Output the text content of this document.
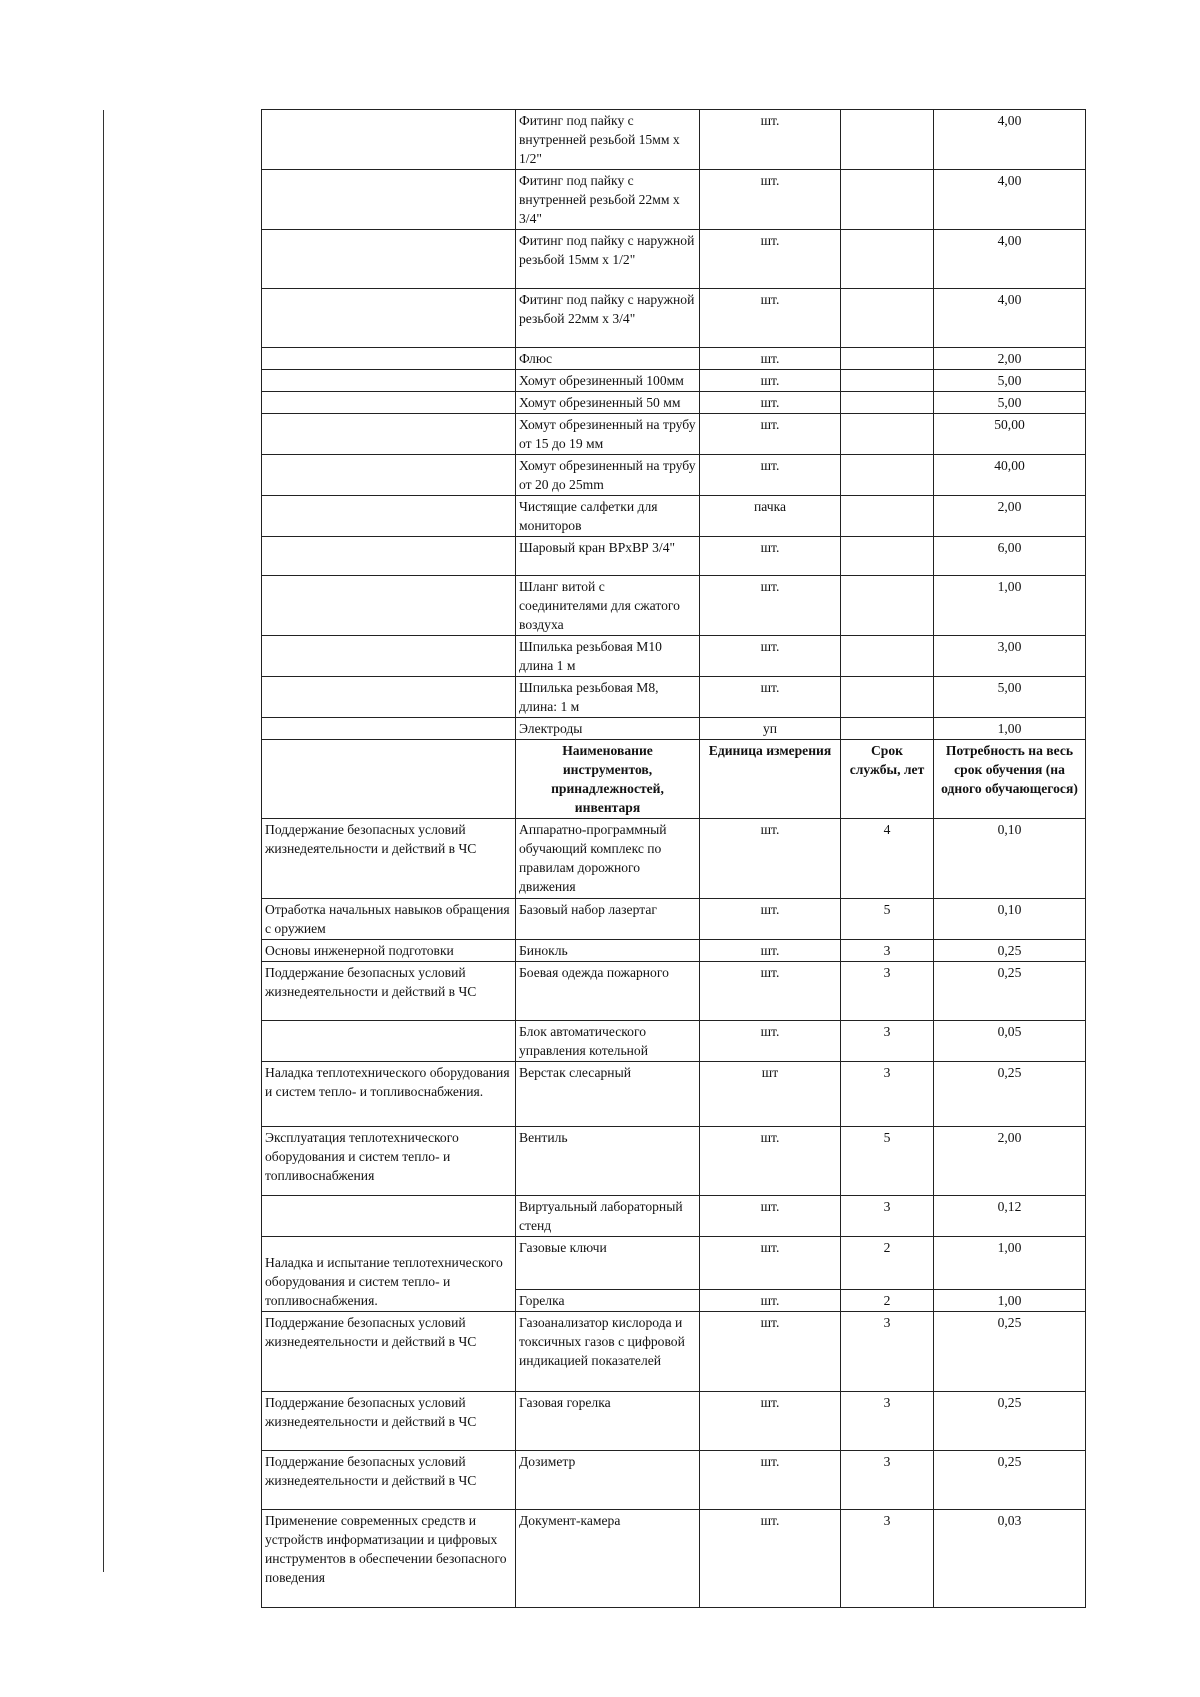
	Фитинг под пайку с внутренней резьбой 15мм х 1/2"	шт.		4,00
	Фитинг под пайку с внутренней резьбой 22мм х 3/4"	шт.		4,00
	Фитинг под пайку с наружной резьбой 15мм х 1/2"	шт.		4,00
	Фитинг под пайку с наружной резьбой 22мм х 3/4"	шт.		4,00
	Флюс	шт.		2,00
	Хомут обрезиненный 100мм	шт.		5,00
	Хомут обрезиненный 50 мм	шт.		5,00
	Хомут обрезиненный на трубу от 15 до 19 мм	шт.		50,00
	Хомут обрезиненный на трубу от 20 до 25mm	шт.		40,00
	Чистящие салфетки для мониторов	пачка		2,00
	Шаровый кран ВРхВР 3/4"	шт.		6,00
	Шланг витой с соединителями для сжатого воздуха	шт.		1,00
	Шпилька резьбовая М10 длина 1 м	шт.		3,00
	Шпилька резьбовая М8, длина: 1 м	шт.		5,00
	Электроды	уп		1,00
	Наименование инструментов, принадлежностей, инвентаря	Единица измерения	Срок службы, лет	Потребность на весь срок обучения (на одного обучающегося)
Поддержание безопасных условий жизнедеятельности и действий в ЧС	Аппаратно-программный обучающий комплекс по правилам дорожного движения	шт.	4	0,10
Отработка начальных навыков обращения с оружием	Базовый набор лазертаг	шт.	5	0,10
Основы инженерной подготовки	Бинокль	шт.	3	0,25
Поддержание безопасных условий жизнедеятельности и действий в ЧС	Боевая одежда пожарного	шт.	3	0,25
	Блок автоматического управления котельной	шт.	3	0,05
Наладка теплотехнического оборудования и систем тепло- и топливоснабжения.	Верстак слесарный	шт	3	0,25
Эксплуатация теплотехнического оборудования и систем тепло- и топливоснабжения	Вентиль	шт.	5	2,00
	Виртуальный лабораторный стенд	шт.	3	0,12
Наладка и испытание теплотехнического оборудования и систем тепло- и топливоснабжения.	Газовые ключи	шт.	2	1,00
	Горелка	шт.	2	1,00
Поддержание безопасных условий жизнедеятельности и действий в ЧС	Газоанализатор кислорода и токсичных газов с цифровой индикацией показателей	шт.	3	0,25
Поддержание безопасных условий жизнедеятельности и действий в ЧС	Газовая горелка	шт.	3	0,25
Поддержание безопасных условий жизнедеятельности и действий в ЧС	Дозиметр	шт.	3	0,25
Применение современных средств и устройств информатизации и цифровых инструментов в обеспечении безопасного поведения	Документ-камера	шт.	3	0,03
